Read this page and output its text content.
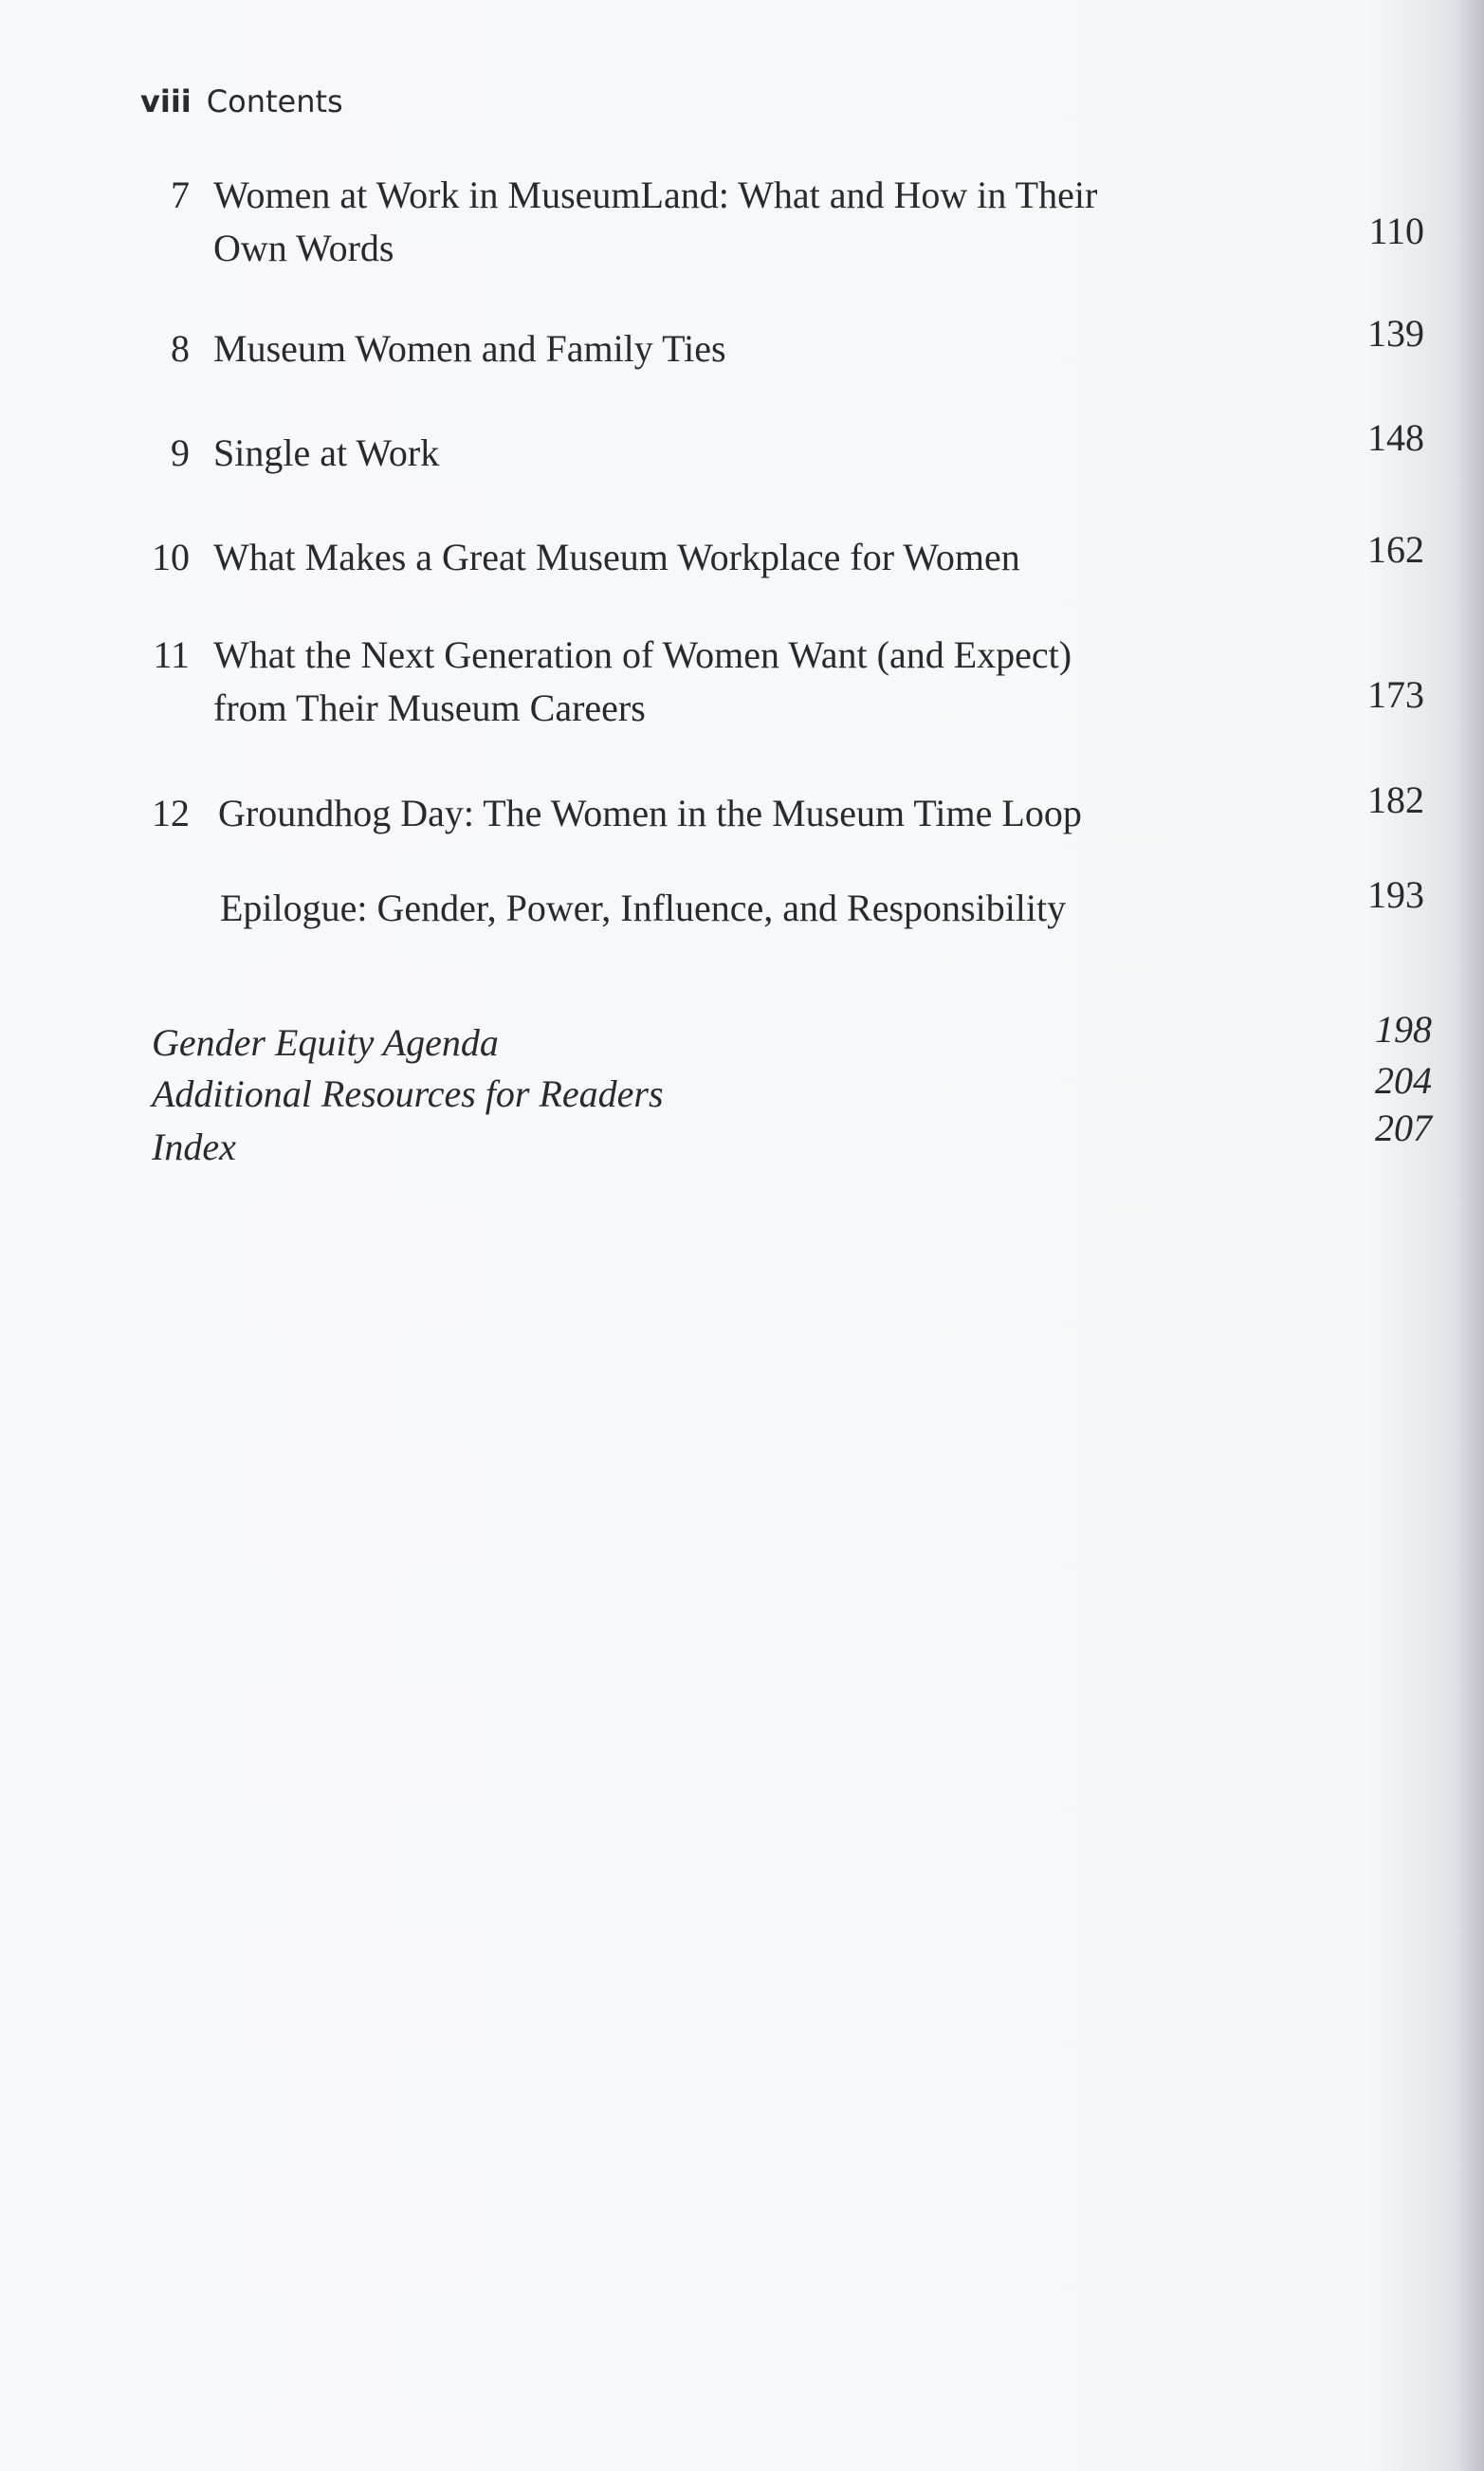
viii Contents
7 Women at Work in MuseumLand: What and How in Their
Own Words	110
8 Museum Women and Family Ties	139
9 Single at Work	148
10 What Makes a Great Museum Workplace for Women	162
11 What the Next Generation of Women Want (and Expect)
from Their Museum Careers	173
12 Groundhog Day: The Women in the Museum Time Loop	182
Epilogue: Gender, Power, Influence, and Responsibility	193
Gender Equity Agenda	198
Additional Resources for Readers	204
Index	207
